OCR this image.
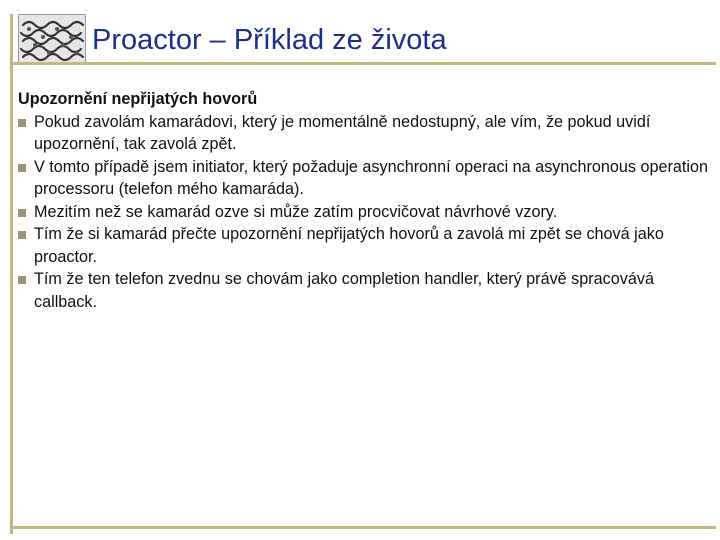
Proactor – Příklad ze života

Upozornění nepřijatých hovorů

Pokud zavolám kamarádovi, který je momentálně nedostupný, ale vím, že pokud uvidí upozornění, tak zavolá zpět.
V tomto případě jsem initiator, který požaduje asynchronní operaci na asynchronous operation processoru (telefon mého kamaráda).
Mezitím než se kamarád ozve si může zatím procvičovat návrhové vzory.
Tím že si kamarád přečte upozornění nepřijatých hovorů a zavolá mi zpět se chová jako proactor.
Tím že ten telefon zvednu se chovám jako completion handler, který právě spracovává callback.
